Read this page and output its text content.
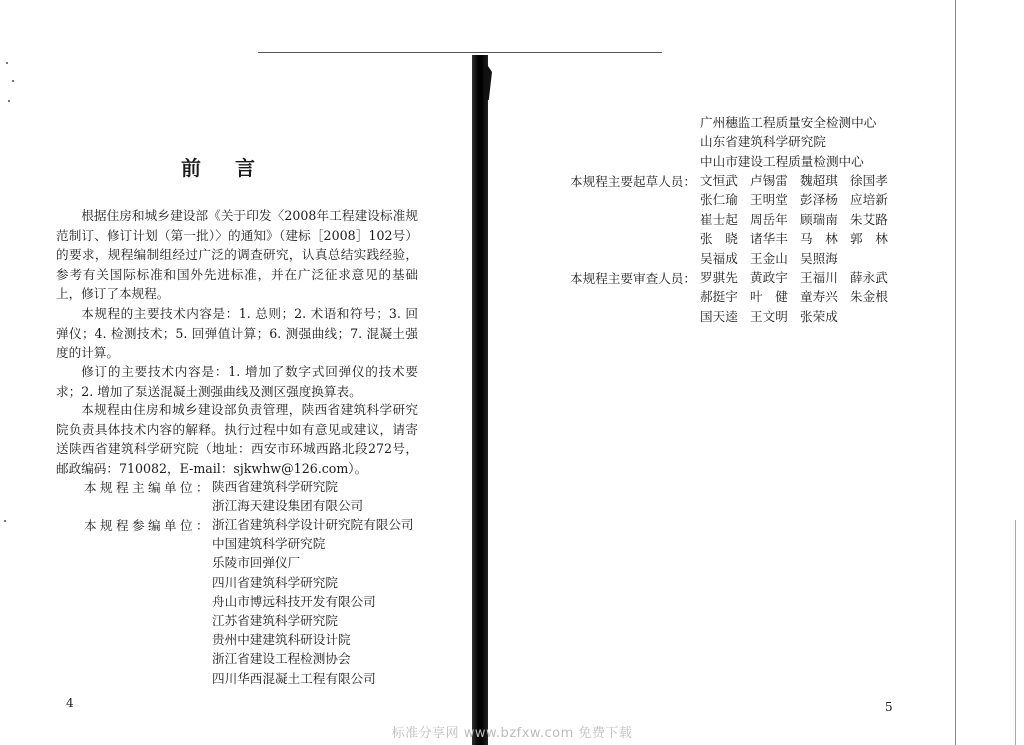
前言

根据住房和城乡建设部《关于印发〈2008年工程建设标准规范制订、修订计划（第一批）〉的通知》（建标［2008］102号）的要求，规程编制组经过广泛的调查研究，认真总结实践经验，参考有关国际标准和国外先进标准，并在广泛征求意见的基础上，修订了本规程。

本规程的主要技术内容是：1. 总则；2. 术语和符号；3. 回弹仪；4. 检测技术；5. 回弹值计算；6. 测强曲线；7. 混凝土强度的计算。

修订的主要技术内容是：1. 增加了数字式回弹仪的技术要求；2. 增加了泵送混凝土测强曲线及测区强度换算表。

本规程由住房和城乡建设部负责管理，陕西省建筑科学研究院负责具体技术内容的解释。执行过程中如有意见或建议，请寄送陕西省建筑科学研究院（地址：西安市环城西路北段272号，邮政编码：710082，E-mail：sjkwhw@126.com）。

本规程主编单位： 陕西省建筑科学研究院
浙江海天建设集团有限公司
本规程参编单位： 浙江省建筑科学设计研究院有限公司
中国建筑科学研究院
乐陵市回弹仪厂
四川省建筑科学研究院
舟山市博远科技开发有限公司
江苏省建筑科学研究院
贵州中建建筑科研设计院
浙江省建设工程检测协会
四川华西混凝土工程有限公司
4
广州穗监工程质量安全检测中心
山东省建筑科学研究院
中山市建设工程质量检测中心
本规程主要起草人员： 文恒武 卢锡雷 魏超琪 徐国孝
张仁瑜 王明堂 彭泽杨 应培新
崔士起 周岳年 顾瑞南 朱艾路
张　晓 诸华丰 马　林 郭　林
吴福成 王金山 吴照海
本规程主要审查人员： 罗骐先 黄政宇 王福川 薛永武
郝挺宇 叶　健 童寿兴 朱金根
国天逵 王文明 张荣成
5
标准分享网 www.bzfxw.com 免费下载
